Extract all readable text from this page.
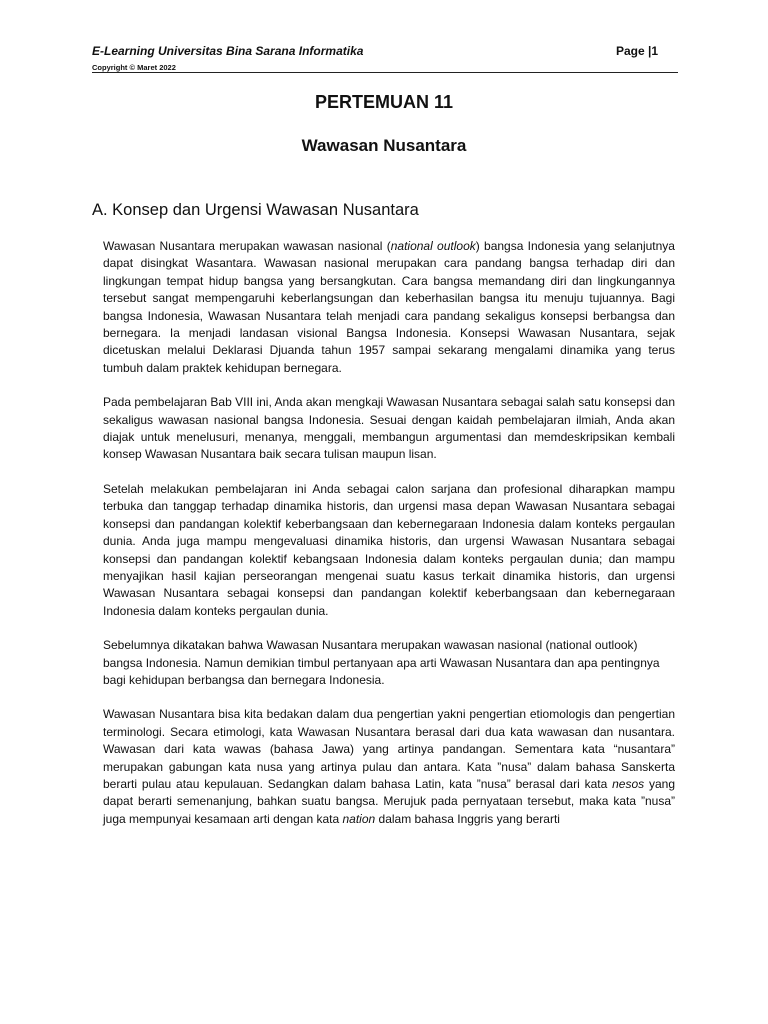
E-Learning Universitas Bina Sarana Informatika	Page |1
Copyright © Maret 2022
PERTEMUAN 11
Wawasan Nusantara
A. Konsep dan Urgensi Wawasan Nusantara

Wawasan Nusantara merupakan wawasan nasional (national outlook) bangsa Indonesia yang selanjutnya dapat disingkat Wasantara. Wawasan nasional merupakan cara pandang bangsa terhadap diri dan lingkungan tempat hidup bangsa yang bersangkutan. Cara bangsa memandang diri dan lingkungannya tersebut sangat mempengaruhi keberlangsungan dan keberhasilan bangsa itu menuju tujuannya. Bagi bangsa Indonesia, Wawasan Nusantara telah menjadi cara pandang sekaligus konsepsi berbangsa dan bernegara. Ia menjadi landasan visional Bangsa Indonesia. Konsepsi Wawasan Nusantara, sejak dicetuskan melalui Deklarasi Djuanda tahun 1957 sampai sekarang mengalami dinamika yang terus tumbuh dalam praktek kehidupan bernegara.

Pada pembelajaran Bab VIII ini, Anda akan mengkaji Wawasan Nusantara sebagai salah satu konsepsi dan sekaligus wawasan nasional bangsa Indonesia. Sesuai dengan kaidah pembelajaran ilmiah, Anda akan diajak untuk menelusuri, menanya, menggali, membangun argumentasi dan memdeskripsikan kembali konsep Wawasan Nusantara baik secara tulisan maupun lisan.

Setelah melakukan pembelajaran ini Anda sebagai calon sarjana dan profesional diharapkan mampu terbuka dan tanggap terhadap dinamika historis, dan urgensi masa depan Wawasan Nusantara sebagai konsepsi dan pandangan kolektif keberbangsaan dan kebernegaraan Indonesia dalam konteks pergaulan dunia. Anda juga mampu mengevaluasi dinamika historis, dan urgensi Wawasan Nusantara sebagai konsepsi dan pandangan kolektif kebangsaan Indonesia dalam konteks pergaulan dunia; dan mampu menyajikan hasil kajian perseorangan mengenai suatu kasus terkait dinamika historis, dan urgensi Wawasan Nusantara sebagai konsepsi dan pandangan kolektif keberbangsaan dan kebernegaraan Indonesia dalam konteks pergaulan dunia.

Sebelumnya dikatakan bahwa Wawasan Nusantara merupakan wawasan nasional (national outlook) bangsa Indonesia. Namun demikian timbul pertanyaan apa arti Wawasan Nusantara dan apa pentingnya bagi kehidupan berbangsa dan bernegara Indonesia.

Wawasan Nusantara bisa kita bedakan dalam dua pengertian yakni pengertian etiomologis dan pengertian terminologi. Secara etimologi, kata Wawasan Nusantara berasal dari dua kata wawasan dan nusantara. Wawasan dari kata wawas (bahasa Jawa) yang artinya pandangan. Sementara kata “nusantara” merupakan gabungan kata nusa yang artinya pulau dan antara. Kata ”nusa” dalam bahasa Sanskerta berarti pulau atau kepulauan. Sedangkan dalam bahasa Latin, kata ”nusa” berasal dari kata nesos yang dapat berarti semenanjung, bahkan suatu bangsa. Merujuk pada pernyataan tersebut, maka kata ”nusa” juga mempunyai kesamaan arti dengan kata nation dalam bahasa Inggris yang berarti
